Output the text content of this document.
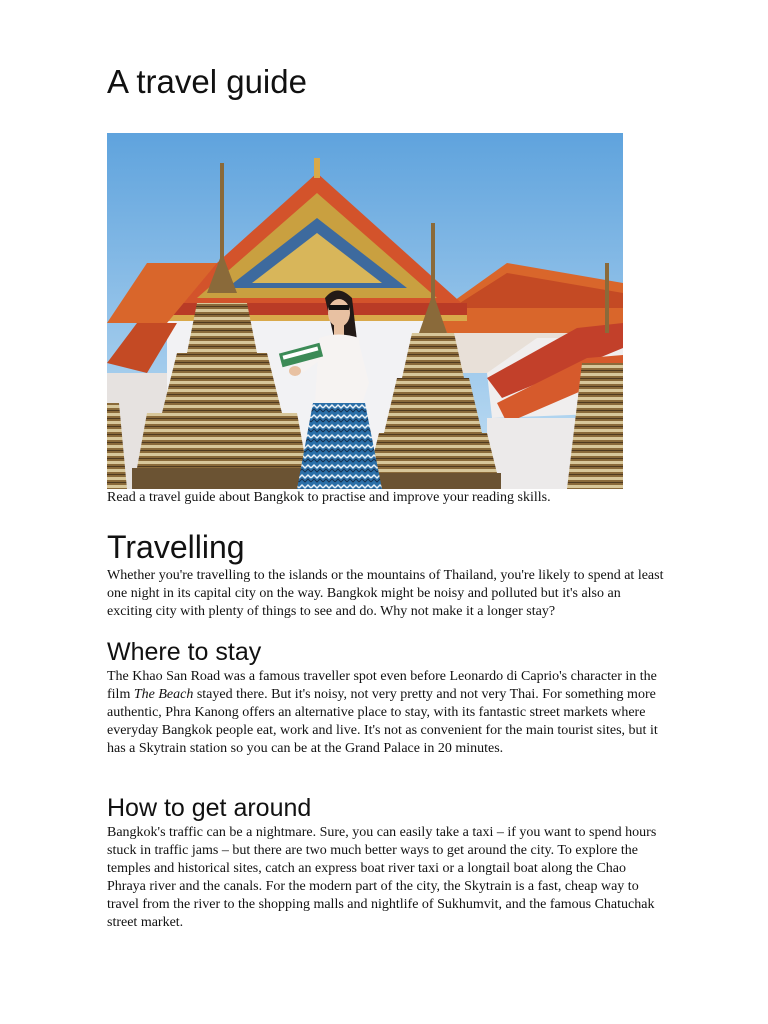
A travel guide

Read a travel guide about Bangkok to practise and improve your reading skills.

Travelling

Whether you're travelling to the islands or the mountains of Thailand, you're likely to spend at least one night in its capital city on the way. Bangkok might be noisy and polluted but it's also an exciting city with plenty of things to see and do. Why not make it a longer stay?

Where to stay

The Khao San Road was a famous traveller spot even before Leonardo di Caprio's character in the film The Beach stayed there. But it's noisy, not very pretty and not very Thai. For something more authentic, Phra Kanong offers an alternative place to stay, with its fantastic street markets where everyday Bangkok people eat, work and live. It's not as convenient for the main tourist sites, but it has a Skytrain station so you can be at the Grand Palace in 20 minutes.

How to get around

Bangkok's traffic can be a nightmare. Sure, you can easily take a taxi – if you want to spend hours stuck in traffic jams – but there are two much better ways to get around the city. To explore the temples and historical sites, catch an express boat river taxi or a longtail boat along the Chao Phraya river and the canals. For the modern part of the city, the Skytrain is a fast, cheap way to travel from the river to the shopping malls and nightlife of Sukhumvit, and the famous Chatuchak street market.
